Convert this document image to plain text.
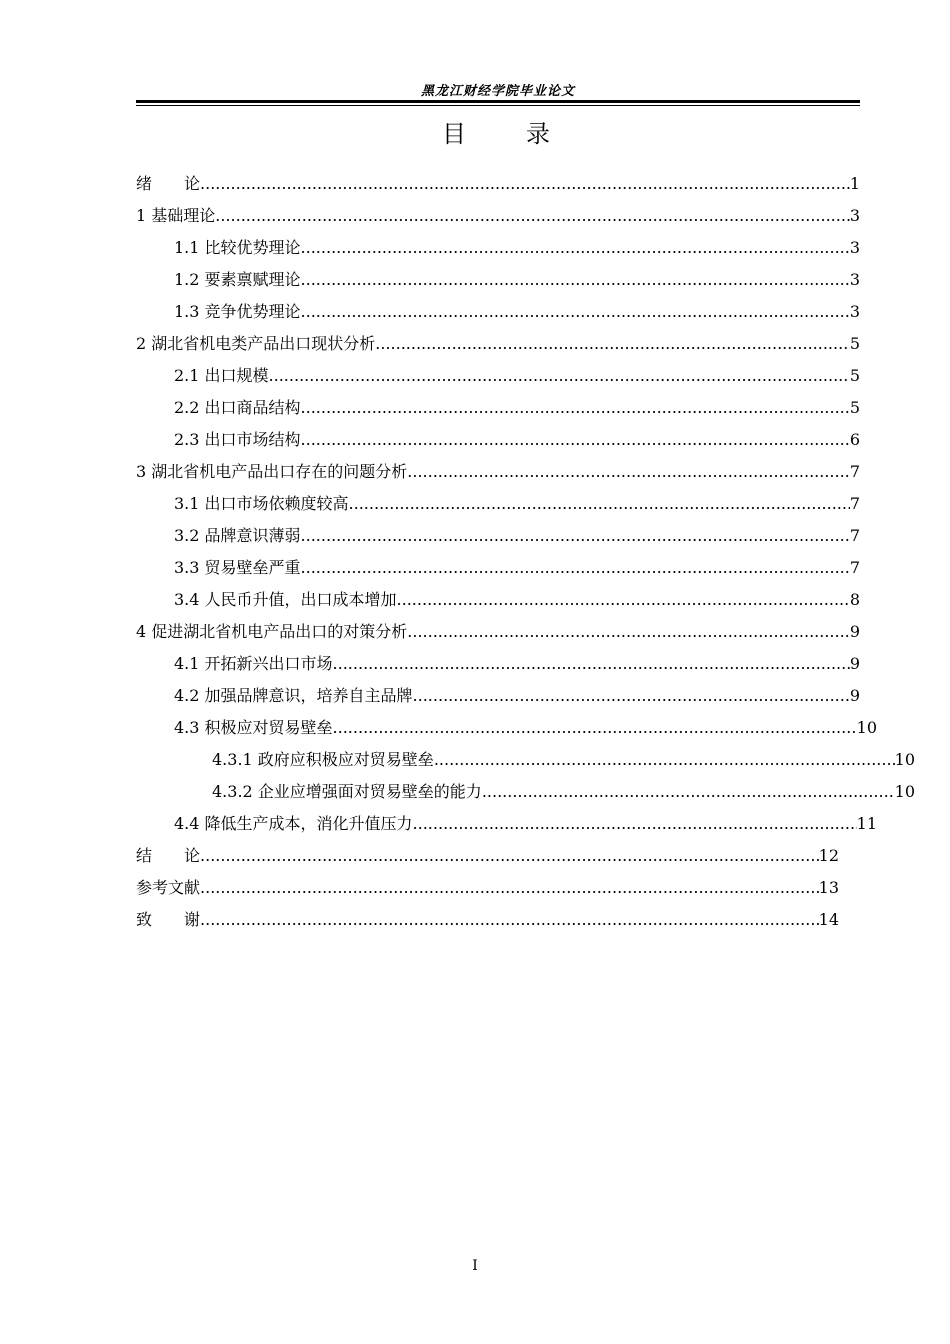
黑龙江财经学院毕业论文
目　　录
绪　　论 .....	1
1 基础理论 .....	3
1.1 比较优势理论 .....	3
1.2 要素禀赋理论 .....	3
1.3 竞争优势理论 .....	3
2 湖北省机电类产品出口现状分析 .....	5
2.1 出口规模 .....	5
2.2 出口商品结构 .....	5
2.3 出口市场结构 .....	6
3 湖北省机电产品出口存在的问题分析 .....	7
3.1 出口市场依赖度较高 .....	7
3.2 品牌意识薄弱 .....	7
3.3 贸易壁垒严重 .....	7
3.4 人民币升值，出口成本增加 .....	8
4 促进湖北省机电产品出口的对策分析 .....	9
4.1 开拓新兴出口市场 .....	9
4.2 加强品牌意识，培养自主品牌 .....	9
4.3 积极应对贸易壁垒 .....	10
4.3.1 政府应积极应对贸易壁垒 .....	10
4.3.2 企业应增强面对贸易壁垒的能力 .....	10
4.4 降低生产成本，消化升值压力 .....	11
结　　论 .....	12
参考文献 .....	13
致　　谢 .....	14
I
